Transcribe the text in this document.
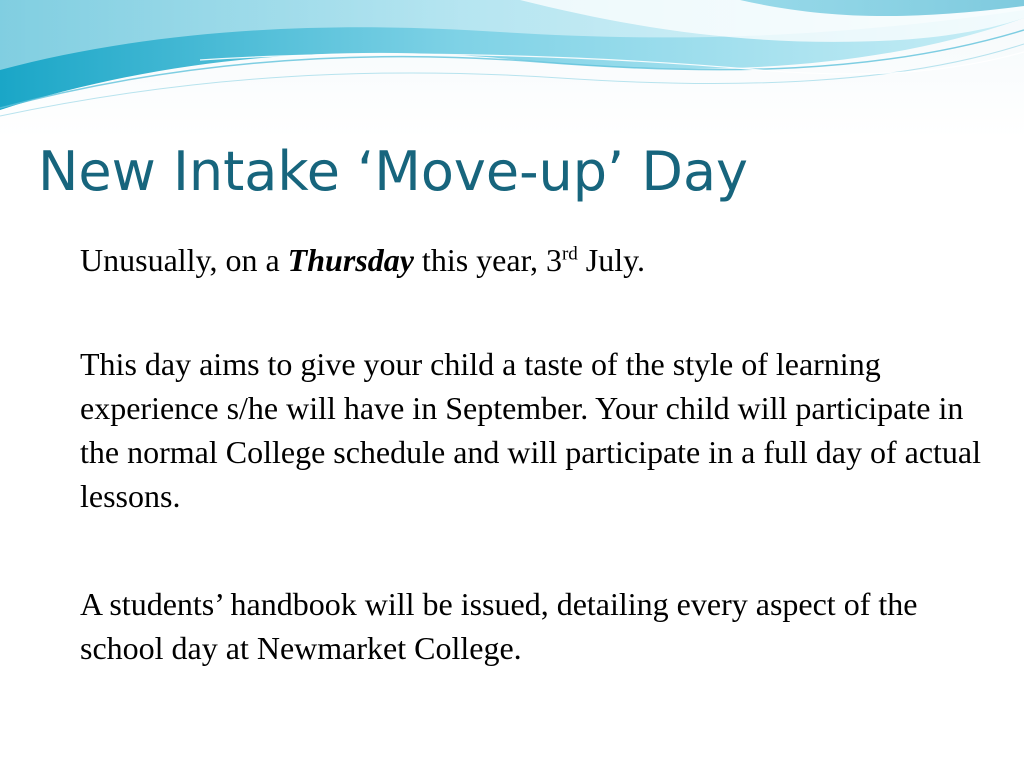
New Intake ‘Move-up’ Day

Unusually, on a Thursday this year, 3rd July.

This day aims to give your child a taste of the style of learning experience s/he will have in September. Your child will participate in the normal College schedule and will participate in a full day of actual lessons.

A students’ handbook will be issued, detailing every aspect of the school day at Newmarket College.
